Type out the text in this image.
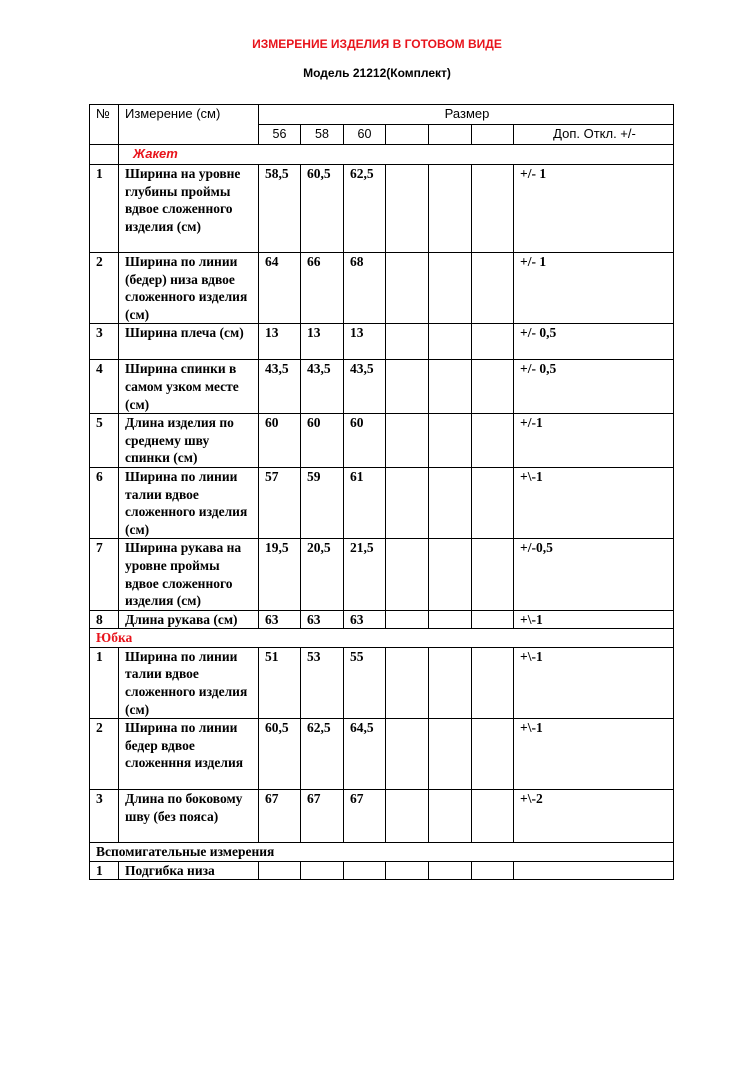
ИЗМЕРЕНИЕ ИЗДЕЛИЯ В ГОТОВОМ ВИДЕ
Модель 21212(Комплект)
№	Измерение (см)	Размер						
		56	58	60				Доп. Откл. +/-
	Жакет							
1	Ширина на уровне глубины проймы вдвое сложенного изделия (см)	58,5	60,5	62,5				+/- 1
2	Ширина по линии (бедер) низа вдвое сложенного изделия (см)	64	66	68				+/- 1
3	Ширина плеча (см)	13	13	13				+/- 0,5
4	Ширина спинки в самом узком месте (см)	43,5	43,5	43,5				+/- 0,5
5	Длина изделия по среднему шву спинки (см)	60	60	60				+/-1
6	Ширина по линии талии вдвое сложенного изделия (см)	57	59	61				+\-1
7	Ширина рукава на уровне проймы вдвое сложенного изделия (см)	19,5	20,5	21,5				+/-0,5
8	Длина рукава (см)	63	63	63				+\-1
Юбка								
1	Ширина по линии талии вдвое сложенного изделия (см)	51	53	55				+\-1
2	Ширина по линии бедер вдвое сложенння изделия	60,5	62,5	64,5				+\-1
3	Длина по боковому шву (без пояса)	67	67	67				+\-2
Вспомигательные измерения								
1	Подгибка низа							
